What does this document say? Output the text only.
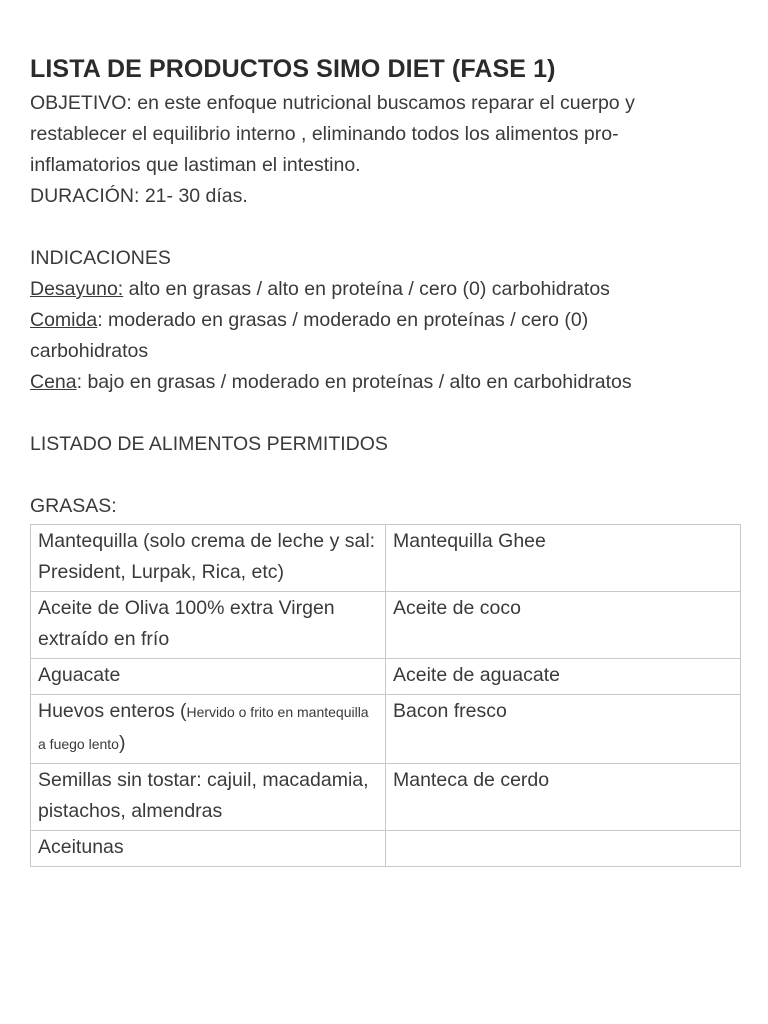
LISTA DE PRODUCTOS SIMO DIET (FASE 1)

OBJETIVO: en este enfoque nutricional buscamos reparar el cuerpo y

restablecer el equilibrio interno , eliminando todos los alimentos pro-

inflamatorios que lastiman el intestino.

DURACIÓN: 21- 30 días.

INDICACIONES

Desayuno: alto en grasas / alto en proteína / cero (0) carbohidratos

Comida: moderado en grasas / moderado en proteínas / cero (0)

carbohidratos

Cena: bajo en grasas / moderado en proteínas / alto en carbohidratos

LISTADO DE ALIMENTOS PERMITIDOS

GRASAS:

Mantequilla (solo crema de leche y sal: President, Lurpak, Rica, etc)	Mantequilla Ghee
Aceite de Oliva 100% extra Virgen extraído en frío	Aceite de coco
Aguacate	Aceite de aguacate
Huevos enteros (Hervido o frito en mantequilla a fuego lento)	Bacon fresco
Semillas sin tostar: cajuil, macadamia, pistachos, almendras	Manteca de cerdo
Aceitunas	
